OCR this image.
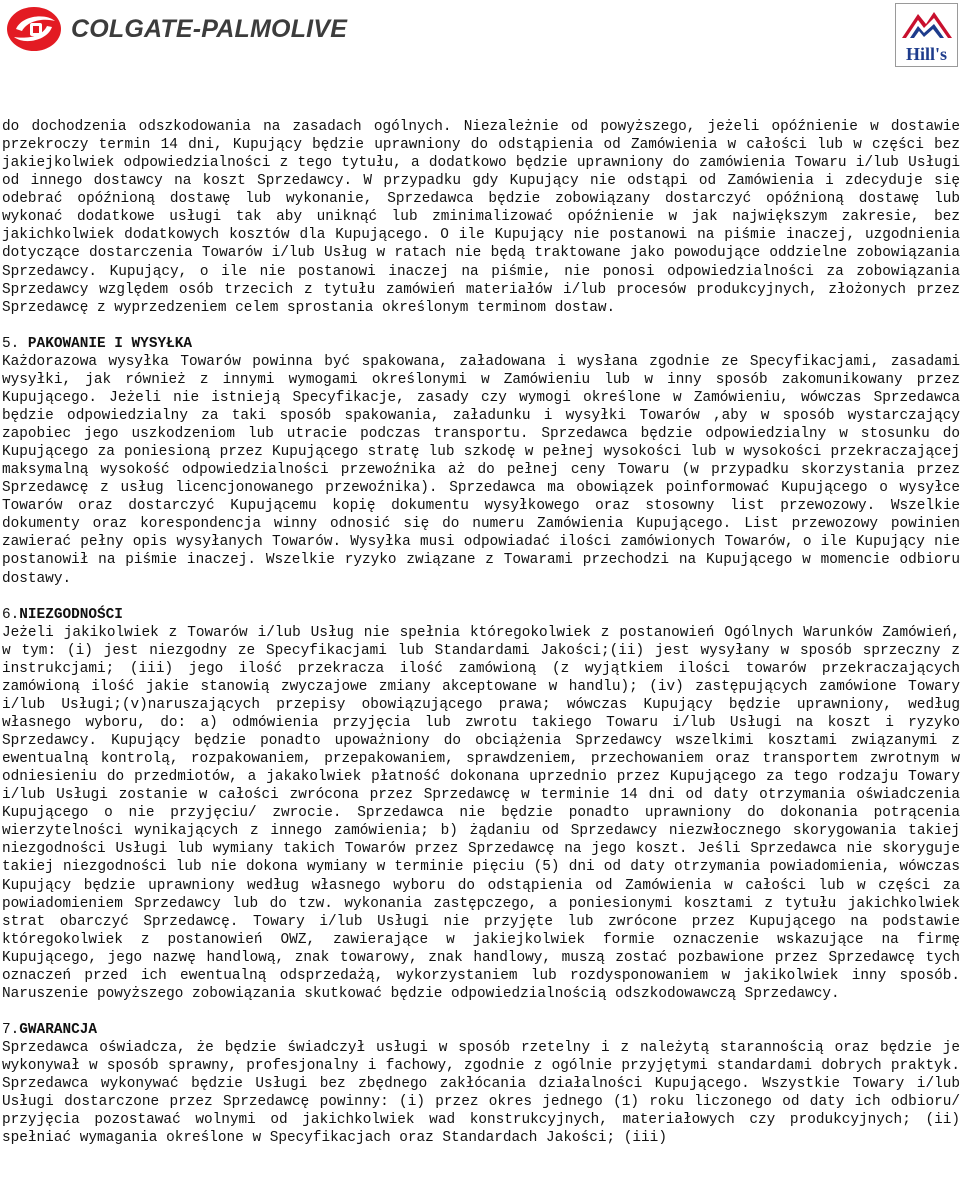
COLGATE-PALMOLIVE
Hill's

do dochodzenia odszkodowania na zasadach ogólnych. Niezależnie od powyższego, jeżeli opóźnienie w dostawie przekroczy termin 14 dni, Kupujący będzie uprawniony do odstąpienia od Zamówienia w całości lub w części bez jakiejkolwiek odpowiedzialności z tego tytułu, a dodatkowo będzie uprawniony do zamówienia Towaru i/lub Usługi od innego dostawcy na koszt Sprzedawcy. W przypadku gdy Kupujący nie odstąpi od Zamówienia i zdecyduje się odebrać opóźnioną dostawę lub wykonanie, Sprzedawca będzie zobowiązany dostarczyć opóźnioną dostawę lub wykonać dodatkowe usługi tak aby uniknąć lub zminimalizować opóźnienie w jak największym zakresie, bez jakichkolwiek dodatkowych kosztów dla Kupującego. O ile Kupujący nie postanowi na piśmie inaczej, uzgodnienia dotyczące dostarczenia Towarów i/lub Usług w ratach nie będą traktowane jako powodujące oddzielne zobowiązania Sprzedawcy. Kupujący, o ile nie postanowi inaczej na piśmie, nie ponosi odpowiedzialności za zobowiązania Sprzedawcy względem osób trzecich z tytułu zamówień materiałów i/lub procesów produkcyjnych, złożonych przez Sprzedawcę z wyprzedzeniem celem sprostania określonym terminom dostaw.

5. PAKOWANIE I WYSYŁKA

Każdorazowa wysyłka Towarów powinna być spakowana, załadowana i wysłana zgodnie ze Specyfikacjami, zasadami wysyłki, jak również z innymi wymogami określonymi w Zamówieniu lub w inny sposób zakomunikowany przez Kupującego. Jeżeli nie istnieją Specyfikacje, zasady czy wymogi określone w Zamówieniu, wówczas Sprzedawca będzie odpowiedzialny za taki sposób spakowania, załadunku i wysyłki Towarów ,aby w sposób wystarczający zapobiec jego uszkodzeniom lub utracie podczas transportu. Sprzedawca będzie odpowiedzialny w stosunku do Kupującego za poniesioną przez Kupującego stratę lub szkodę w pełnej wysokości lub w wysokości przekraczającej maksymalną wysokość odpowiedzialności przewoźnika aż do pełnej ceny Towaru (w przypadku skorzystania przez Sprzedawcę z usług licencjonowanego przewoźnika). Sprzedawca ma obowiązek poinformować Kupującego o wysyłce Towarów oraz dostarczyć Kupującemu kopię dokumentu wysyłkowego oraz stosowny list przewozowy. Wszelkie dokumenty oraz korespondencja winny odnosić się do numeru Zamówienia Kupującego. List przewozowy powinien zawierać pełny opis wysyłanych Towarów. Wysyłka musi odpowiadać ilości zamówionych Towarów, o ile Kupujący nie postanowił na piśmie inaczej. Wszelkie ryzyko związane z Towarami przechodzi na Kupującego w momencie odbioru dostawy.

6.NIEZGODNOŚCI

Jeżeli jakikolwiek z Towarów i/lub Usług nie spełnia któregokolwiek z postanowień Ogólnych Warunków Zamówień, w tym: (i) jest niezgodny ze Specyfikacjami lub Standardami Jakości;(ii) jest wysyłany w sposób sprzeczny z instrukcjami; (iii) jego ilość przekracza ilość zamówioną (z wyjątkiem ilości towarów przekraczających zamówioną ilość jakie stanowią zwyczajowe zmiany akceptowane w handlu); (iv) zastępujących zamówione Towary i/lub Usługi;(v)naruszających przepisy obowiązującego prawa; wówczas Kupujący będzie uprawniony, według własnego wyboru, do: a) odmówienia przyjęcia lub zwrotu takiego Towaru i/lub Usługi na koszt i ryzyko Sprzedawcy. Kupujący będzie ponadto upoważniony do obciążenia Sprzedawcy wszelkimi kosztami związanymi z ewentualną kontrolą, rozpakowaniem, przepakowaniem, sprawdzeniem, przechowaniem oraz transportem zwrotnym w odniesieniu do przedmiotów, a jakakolwiek płatność dokonana uprzednio przez Kupującego za tego rodzaju Towary i/lub Usługi zostanie w całości zwrócona przez Sprzedawcę w terminie 14 dni od daty otrzymania oświadczenia Kupującego o nie przyjęciu/ zwrocie. Sprzedawca nie będzie ponadto uprawniony do dokonania potrącenia wierzytelności wynikających z innego zamówienia; b) żądaniu od Sprzedawcy niezwłocznego skorygowania takiej niezgodności Usługi lub wymiany takich Towarów przez Sprzedawcę na jego koszt. Jeśli Sprzedawca nie skoryguje takiej niezgodności lub nie dokona wymiany w terminie pięciu (5) dni od daty otrzymania powiadomienia, wówczas Kupujący będzie uprawniony według własnego wyboru do odstąpienia od Zamówienia w całości lub w części za powiadomieniem Sprzedawcy lub do tzw. wykonania zastępczego, a poniesionymi kosztami z tytułu jakichkolwiek strat obarczyć Sprzedawcę. Towary i/lub Usługi nie przyjęte lub zwrócone przez Kupującego na podstawie któregokolwiek z postanowień OWZ, zawierające w jakiejkolwiek formie oznaczenie wskazujące na firmę Kupującego, jego nazwę handlową, znak towarowy, znak handlowy, muszą zostać pozbawione przez Sprzedawcę tych oznaczeń przed ich ewentualną odsprzedażą, wykorzystaniem lub rozdysponowaniem w jakikolwiek inny sposób. Naruszenie powyższego zobowiązania skutkować będzie odpowiedzialnością odszkodowawczą Sprzedawcy.

7.GWARANCJA

Sprzedawca oświadcza, że będzie świadczył usługi w sposób rzetelny i z należytą starannością oraz będzie je wykonywał w sposób sprawny, profesjonalny i fachowy, zgodnie z ogólnie przyjętymi standardami dobrych praktyk. Sprzedawca wykonywać będzie Usługi bez zbędnego zakłócania działalności Kupującego. Wszystkie Towary i/lub Usługi dostarczone przez Sprzedawcę powinny: (i) przez okres jednego (1) roku liczonego od daty ich odbioru/ przyjęcia pozostawać wolnymi od jakichkolwiek wad konstrukcyjnych, materiałowych czy produkcyjnych; (ii) spełniać wymagania określone w Specyfikacjach oraz Standardach Jakości; (iii)
